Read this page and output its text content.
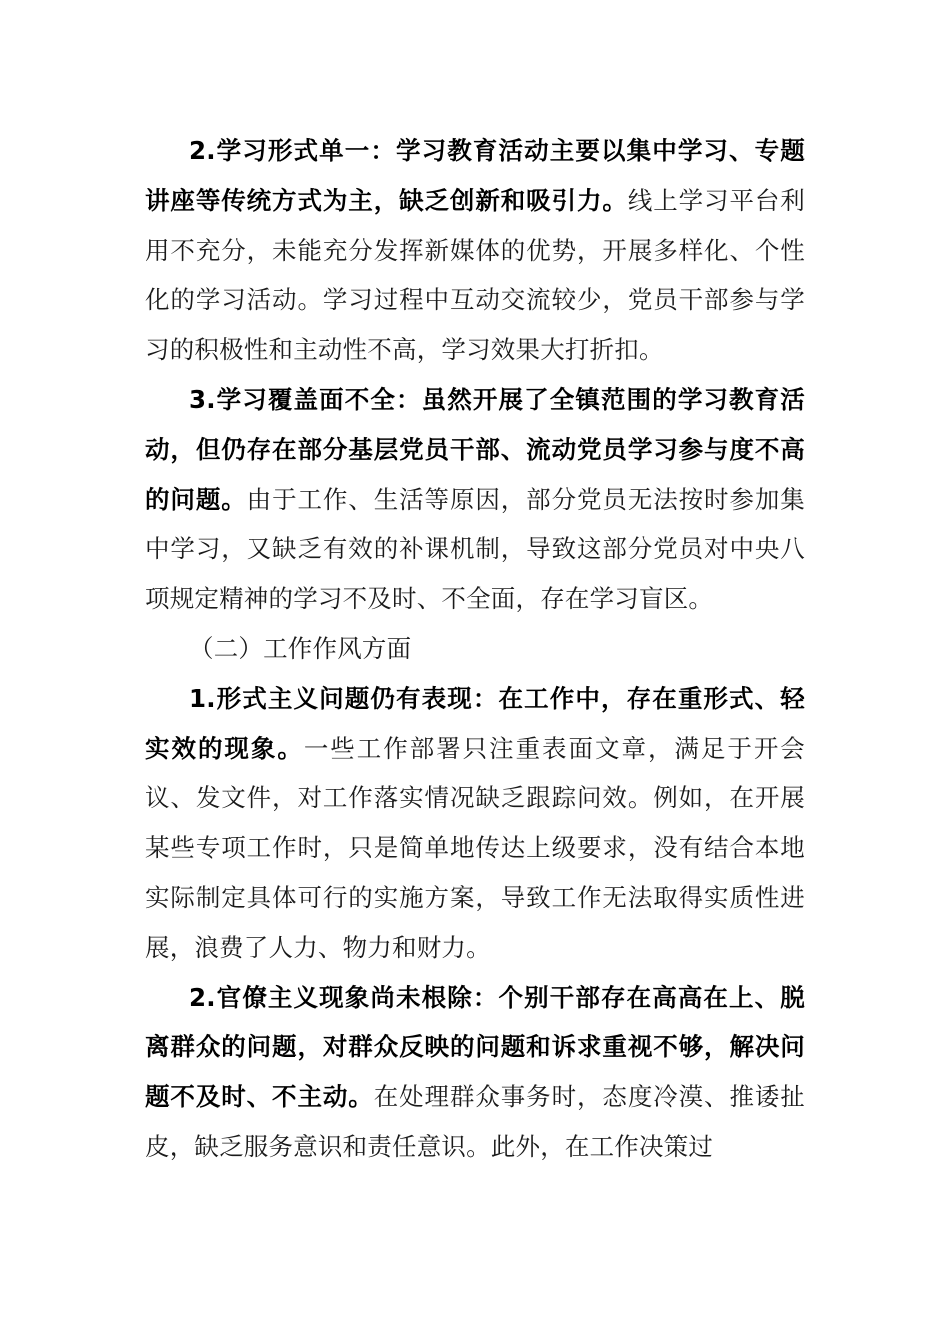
2.学习形式单一：学习教育活动主要以集中学习、专题讲座等传统方式为主，缺乏创新和吸引力。线上学习平台利用不充分，未能充分发挥新媒体的优势，开展多样化、个性化的学习活动。学习过程中互动交流较少，党员干部参与学习的积极性和主动性不高，学习效果大打折扣。

3.学习覆盖面不全：虽然开展了全镇范围的学习教育活动，但仍存在部分基层党员干部、流动党员学习参与度不高的问题。由于工作、生活等原因，部分党员无法按时参加集中学习，又缺乏有效的补课机制，导致这部分党员对中央八项规定精神的学习不及时、不全面，存在学习盲区。

（二）工作作风方面

1.形式主义问题仍有表现：在工作中，存在重形式、轻实效的现象。一些工作部署只注重表面文章，满足于开会议、发文件，对工作落实情况缺乏跟踪问效。例如，在开展某些专项工作时，只是简单地传达上级要求，没有结合本地实际制定具体可行的实施方案，导致工作无法取得实质性进展，浪费了人力、物力和财力。

2.官僚主义现象尚未根除：个别干部存在高高在上、脱离群众的问题，对群众反映的问题和诉求重视不够，解决问题不及时、不主动。在处理群众事务时，态度冷漠、推诿扯皮，缺乏服务意识和责任意识。此外，在工作决策过
